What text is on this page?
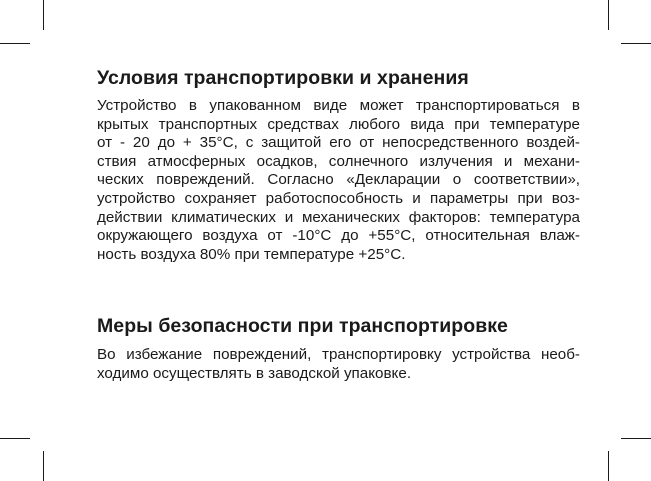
Условия транспортировки и хранения
Устройство в упакованном виде может транспортироваться в
крытых транспортных средствах любого вида при температуре
от - 20 до + 35°С, с защитой его от непосредственного воздей-
ствия атмосферных осадков, солнечного излучения и механи-
ческих повреждений. Согласно «Декларации о соответствии»,
устройство сохраняет работоспособность и параметры при воз-
действии климатических и механических факторов: температура
окружающего воздуха от -10°С до +55°С, относительная влаж-
ность воздуха 80% при температуре +25°С.
Меры безопасности при транспортировке
Во избежание повреждений, транспортировку устройства необ-
ходимо осуществлять в заводской упаковке.
